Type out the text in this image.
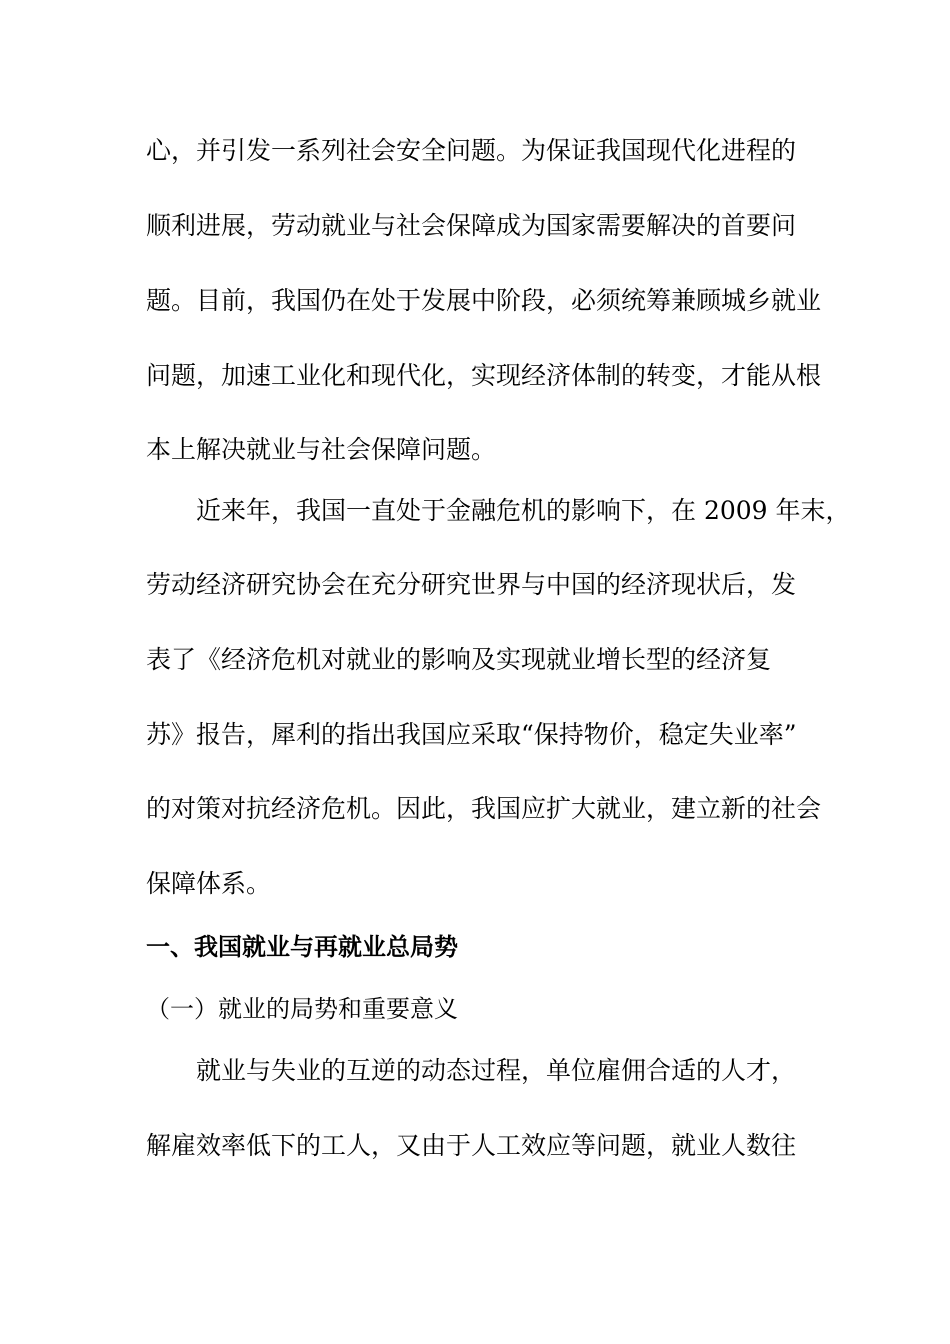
心，并引发一系列社会安全问题。为保证我国现代化进程的

顺利进展，劳动就业与社会保障成为国家需要解决的首要问

题。目前，我国仍在处于发展中阶段，必须统筹兼顾城乡就业

问题，加速工业化和现代化，实现经济体制的转变，才能从根

本上解决就业与社会保障问题。

　　近来年，我国一直处于金融危机的影响下，在 2009 年末，

劳动经济研究协会在充分研究世界与中国的经济现状后，发

表了《经济危机对就业的影响及实现就业增长型的经济复

苏》报告，犀利的指出我国应采取“保持物价，稳定失业率”

的对策对抗经济危机。因此，我国应扩大就业，建立新的社会

保障体系。

一、我国就业与再就业总局势

（一）就业的局势和重要意义

　　就业与失业的互逆的动态过程，单位雇佣合适的人才，

解雇效率低下的工人，又由于人工效应等问题，就业人数往
